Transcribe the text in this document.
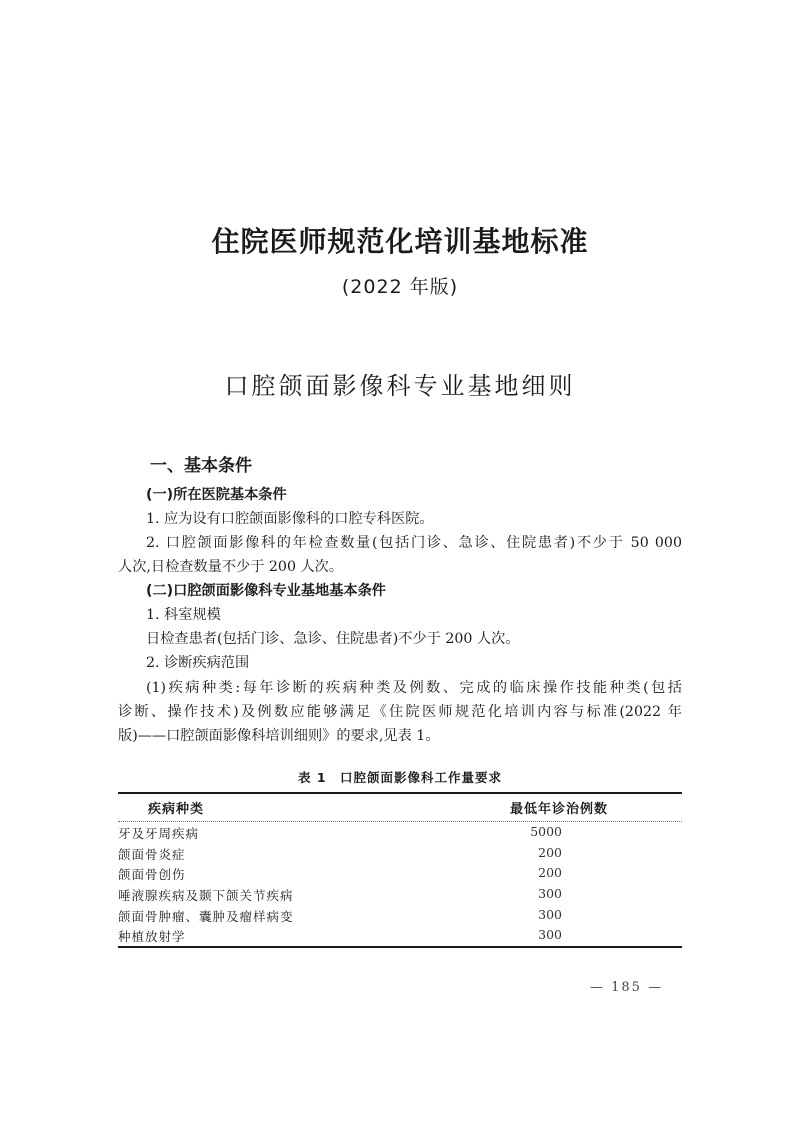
住院医师规范化培训基地标准
(2022 年版)
口腔颌面影像科专业基地细则
一、基本条件
(一)所在医院基本条件
1. 应为设有口腔颌面影像科的口腔专科医院。
2. 口腔颌面影像科的年检查数量(包括门诊、急诊、住院患者)不少于 50 000
人次,日检查数量不少于 200 人次。
(二)口腔颌面影像科专业基地基本条件
1. 科室规模
日检查患者(包括门诊、急诊、住院患者)不少于 200 人次。
2. 诊断疾病范围
(1)疾病种类:每年诊断的疾病种类及例数、完成的临床操作技能种类(包括
诊断、操作技术)及例数应能够满足《住院医师规范化培训内容与标准(2022 年
版)——口腔颌面影像科培训细则》的要求,见表 1。
表 1　口腔颌面影像科工作量要求
疾病种类	最低年诊治例数
牙及牙周疾病	5000
颌面骨炎症	200
颌面骨创伤	200
唾液腺疾病及颞下颌关节疾病	300
颌面骨肿瘤、囊肿及瘤样病变	300
种植放射学	300
— 185 —
